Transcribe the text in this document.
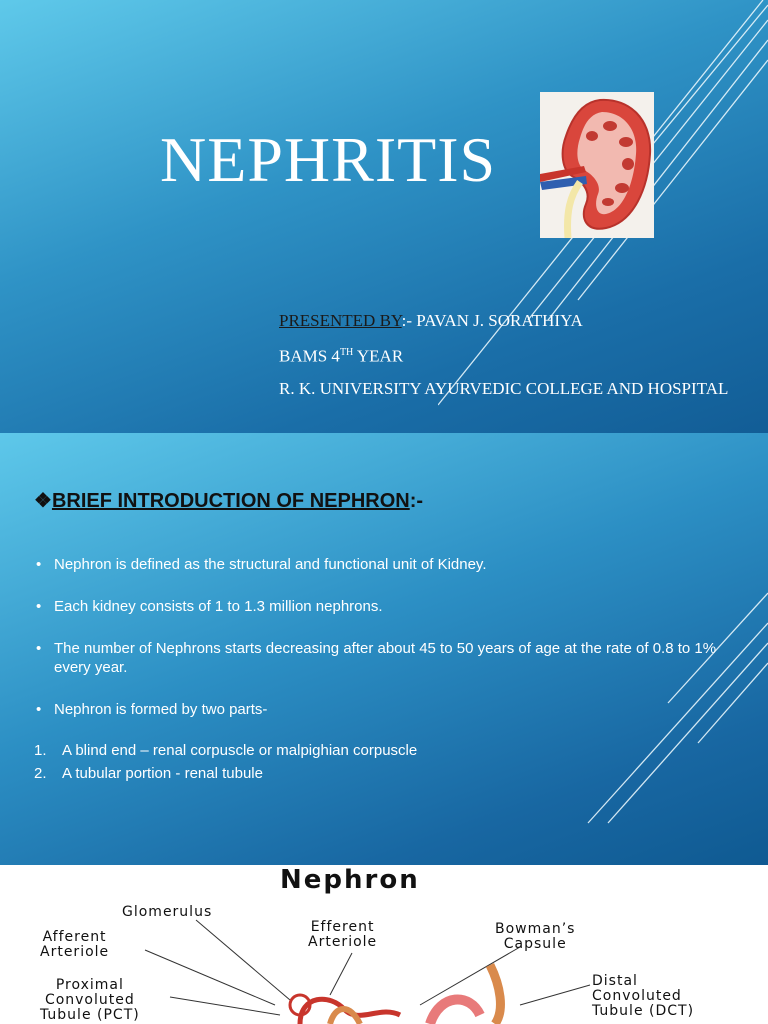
NEPHRITIS
PRESENTED BY:- PAVAN J. SORATHIYA
BAMS 4TH YEAR
R. K. UNIVERSITY AYURVEDIC COLLEGE AND HOSPITAL
❖BRIEF INTRODUCTION OF NEPHRON:-
• Nephron is defined as the structural and functional unit of Kidney.
• Each kidney consists of 1 to 1.3 million nephrons.
• The number of Nephrons starts decreasing after about 45 to 50 years of age at the rate of 0.8 to 1% every year.
• Nephron is formed by two parts-
1. A blind end – renal corpuscle or malpighian corpuscle
2. A tubular portion - renal tubule
Nephron
Glomerulus
Afferent
Arteriole
Efferent
Arteriole
Bowman’s
Capsule
Proximal
Convoluted
Tubule (PCT)
Distal
Convoluted
Tubule (DCT)
